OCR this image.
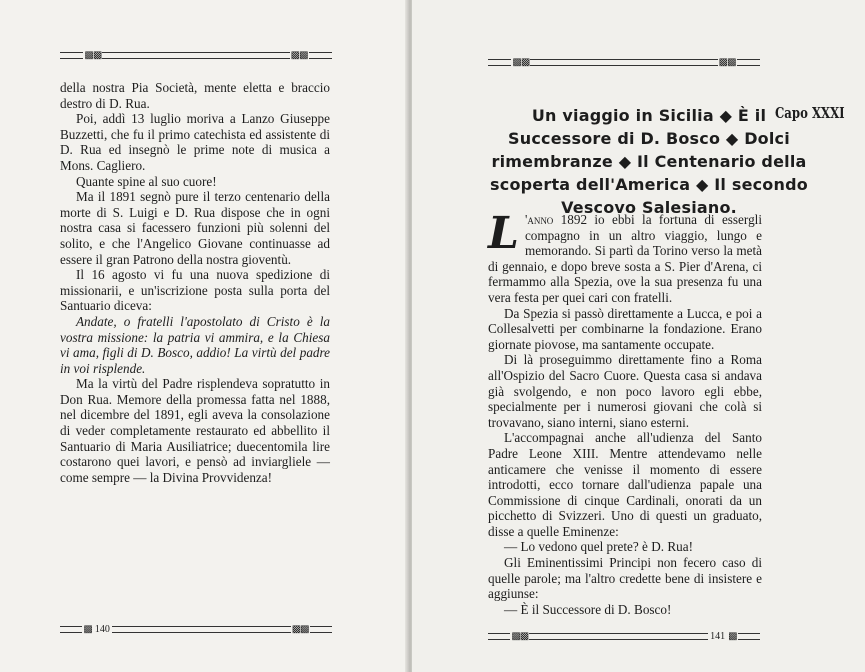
▩▩	▩▩

della nostra Pia Società, mente eletta e braccio destro di D. Rua.

Poi, addì 13 luglio moriva a Lanzo Giuseppe Buzzetti, che fu il primo catechista ed assistente di D. Rua ed insegnò le prime note di musica a Mons. Cagliero.

Quante spine al suo cuore!

Ma il 1891 segnò pure il terzo centenario della morte di S. Luigi e D. Rua dispose che in ogni nostra casa si facessero funzioni più solenni del solito, e che l'Angelico Giovane continuasse ad essere il gran Patrono della nostra gioventù.

Il 16 agosto vi fu una nuova spedizione di missionarii, e un'iscrizione posta sulla porta del Santuario diceva:

Andate, o fratelli l'apostolato di Cristo è la vostra missione: la patria vi ammira, e la Chiesa vi ama, figli di D. Bosco, addio! La virtù del padre in voi risplende.

Ma la virtù del Padre risplendeva sopratutto in Don Rua. Memore della promessa fatta nel 1888, nel dicembre del 1891, egli aveva la consolazione di veder completamente restaurato ed abbellito il Santuario di Maria Ausiliatrice; duecentomila lire costarono quei lavori, e pensò ad inviargliele — come sempre — la Divina Provvidenza!

▩ 140	▩▩
▩▩	▩▩
Un viaggio in Sicilia ◆ È il Successore di D. Bosco ◆ Dolci rimembranze ◆ Il Centenario della scoperta dell'America ◆ Il secondo Vescovo Salesiano.
Capo XXXI

L 'anno 1892 io ebbi la fortuna di essergli compagno in un altro viaggio, lungo e memorando. Si partì da Torino verso la metà di gennaio, e dopo breve sosta a S. Pier d'Arena, ci fermammo alla Spezia, ove la sua presenza fu una vera festa per quei cari con fratelli.

Da Spezia si passò direttamente a Lucca, e poi a Collesalvetti per combinarne la fondazione. Erano giornate piovose, ma santamente occupate.

Di là proseguimmo direttamente fino a Roma all'Ospizio del Sacro Cuore. Questa casa si andava già svolgendo, e non poco lavoro egli ebbe, specialmente per i numerosi giovani che colà si trovavano, siano interni, siano esterni.

L'accompagnai anche all'udienza del Santo Padre Leone XIII. Mentre attendevamo nelle anticamere che venisse il momento di essere introdotti, ecco tornare dall'udienza papale una Commissione di cinque Cardinali, onorati da un picchetto di Svizzeri. Uno di questi un graduato, disse a quelle Eminenze:

— Lo vedono quel prete? è D. Rua!

Gli Eminentissimi Principi non fecero caso di quelle parole; ma l'altro credette bene di insistere e aggiunse:

— È il Successore di D. Bosco!

▩▩	141 ▩
